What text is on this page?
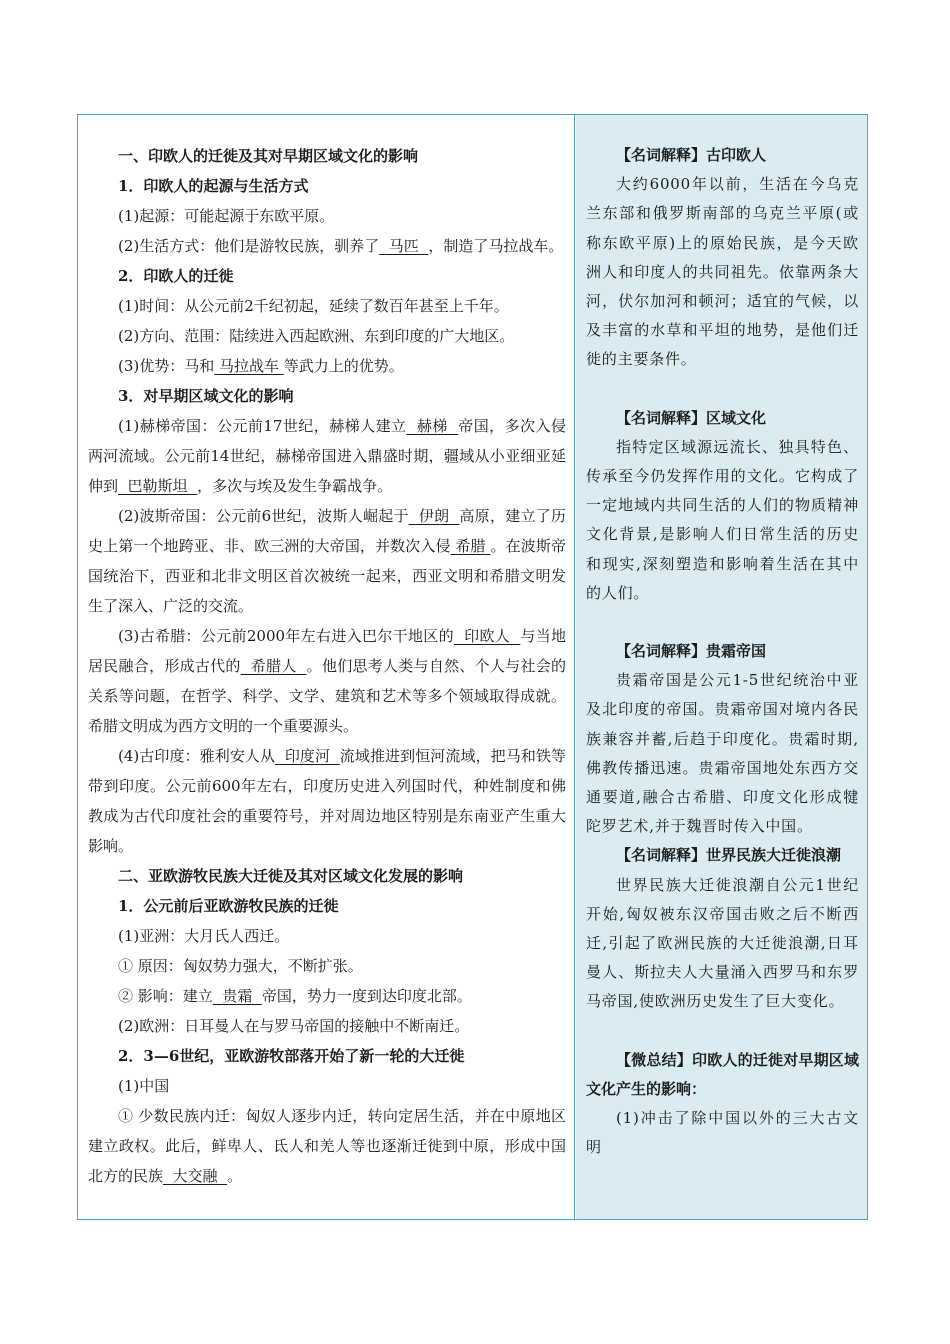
一、印欧人的迁徙及其对早期区域文化的影响

1．印欧人的起源与生活方式

(1)起源：可能起源于东欧平原。

(2)生活方式：他们是游牧民族，驯养了  马匹  ，制造了马拉战车。

2．印欧人的迁徙

(1)时间：从公元前2千纪初起，延续了数百年甚至上千年。

(2)方向、范围：陆续进入西起欧洲、东到印度的广大地区。

(3)优势：马和 马拉战车 等武力上的优势。

3．对早期区域文化的影响

(1)赫梯帝国：公元前17世纪，赫梯人建立  赫梯  帝国，多次入侵两河流域。公元前14世纪，赫梯帝国进入鼎盛时期，疆域从小亚细亚延伸到  巴勒斯坦  ，多次与埃及发生争霸战争。

(2)波斯帝国：公元前6世纪，波斯人崛起于  伊朗  高原，建立了历史上第一个地跨亚、非、欧三洲的大帝国，并数次入侵 希腊 。在波斯帝国统治下，西亚和北非文明区首次被统一起来，西亚文明和希腊文明发生了深入、广泛的交流。

(3)古希腊：公元前2000年左右进入巴尔干地区的  印欧人  与当地居民融合，形成古代的  希腊人  。他们思考人类与自然、个人与社会的关系等问题，在哲学、科学、文学、建筑和艺术等多个领域取得成就。希腊文明成为西方文明的一个重要源头。

(4)古印度：雅利安人从  印度河  流域推进到恒河流域，把马和铁等带到印度。公元前600年左右，印度历史进入列国时代，种姓制度和佛教成为古代印度社会的重要符号，并对周边地区特别是东南亚产生重大影响。

二、亚欧游牧民族大迁徙及其对区域文化发展的影响

1．公元前后亚欧游牧民族的迁徙

(1)亚洲：大月氏人西迁。

① 原因：匈奴势力强大，不断扩张。

② 影响：建立  贵霜  帝国，势力一度到达印度北部。

(2)欧洲：日耳曼人在与罗马帝国的接触中不断南迁。

2．3—6世纪，亚欧游牧部落开始了新一轮的大迁徙

(1)中国

① 少数民族内迁：匈奴人逐步内迁，转向定居生活，并在中原地区建立政权。此后，鲜卑人、氐人和羌人等也逐渐迁徙到中原，形成中国北方的民族  大交融  。

【名词解释】古印欧人

大约6000年以前，生活在今乌克兰东部和俄罗斯南部的乌克兰平原(或称东欧平原)上的原始民族，是今天欧洲人和印度人的共同祖先。依靠两条大河，伏尔加河和顿河；适宜的气候，以及丰富的水草和平坦的地势，是他们迁徙的主要条件。

【名词解释】区域文化

指特定区域源远流长、独具特色、传承至今仍发挥作用的文化。它构成了一定地域内共同生活的人们的物质精神文化背景,是影响人们日常生活的历史和现实,深刻塑造和影响着生活在其中的人们。

【名词解释】贵霜帝国

贵霜帝国是公元1-5世纪统治中亚及北印度的帝国。贵霜帝国对境内各民族兼容并蓄,后趋于印度化。贵霜时期,佛教传播迅速。贵霜帝国地处东西方交通要道,融合古希腊、印度文化形成犍陀罗艺术,并于魏晋时传入中国。

【名词解释】世界民族大迁徙浪潮

世界民族大迁徙浪潮自公元1世纪开始,匈奴被东汉帝国击败之后不断西迁,引起了欧洲民族的大迁徙浪潮,日耳曼人、斯拉夫人大量涌入西罗马和东罗马帝国,使欧洲历史发生了巨大变化。

【微总结】印欧人的迁徙对早期区域文化产生的影响：

(1)冲击了除中国以外的三大古文明
